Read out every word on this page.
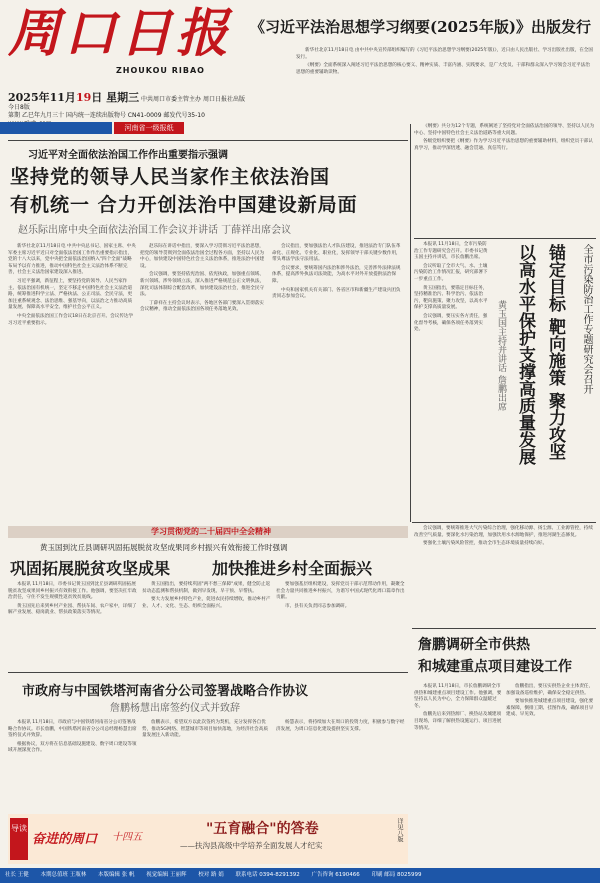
周口日报
ZHOUKOU RIBAO
《习近平法治思想学习纲要(2025年版)》出版发行

新华社北京11月18日电 由中共中央宣传部组织编写的《习近平法治思想学习纲要(2025年版)》，近日由人民出版社、学习出版社出版，在全国发行。

《纲要》全面系统深入阐述习近平法治思想的核心要义、精神实质、丰富内涵、实践要求，是广大党员、干部和群众深入学习领会习近平法治思想的重要辅助读物。

2025年11月19日 星期三 中共周口市委主管主办 周口日报社出版 今日8版
第期 乙巳年九月三十 国内统一连续出版物号 CN41-0009 邮发代号35-10
河南省一级报纸
习近平对全面依法治国工作作出重要指示强调
坚持党的领导人民当家作主依法治国
有机统一 合力开创法治中国建设新局面
赵乐际出席中央全面依法治国工作会议并讲话 丁薛祥出席会议

新华社北京11月18日电 中共中央总书记、国家主席、中央军委主席习近平近日对全面依法治国工作作出重要指示指出，党的十八大以来，党中央把全面依法治国纳入"四个全面"战略布局予以有力推进，推动中国特色社会主义法治体系不断完善，社会主义法治国家建设深入推进。

习近平强调，新征程上，要坚持党的领导、人民当家作主、依法治国有机统一，坚定不移走中国特色社会主义法治道路，统筹推进科学立法、严格执法、公正司法、全民守法，更加注重系统观念、法治思维、强基导向，以法治之力推动高质量发展、保障高水平安全、维护社会公平正义。

中央全面依法治国工作会议18日在北京召开。会议传达学习习近平重要指示。

赵乐际在讲话中指出，要深入学习贯彻习近平法治思想，把党的领导贯彻到全面依法治国全过程各方面，坚持以人民为中心，加快建设中国特色社会主义法治体系，推进法治中国建设。

会议强调，要坚持依宪治国、依宪执政，加强重点领域、新兴领域、涉外领域立法，深入推进严格规范公正文明执法，深化司法体制综合配套改革，加快建设法治社会，推进全民守法。

丁薛祥在主持会议时表示，各地区各部门要深入贯彻落实会议精神，推动全面依法治国各项任务落地见效。

会议指出，要加强法治人才队伍建设，推进法治专门队伍革命化、正规化、专业化、职业化，发挥领导干部关键少数作用，带头尊法学法守法用法。

会议要求，要统筹国内法治和涉外法治，完善涉外法律法规体系，提高涉外执法司法效能，为高水平对外开放提供法治保障。

中央和国家机关有关部门、各省区市和新疆生产建设兵团负责同志参加会议。

《纲要》共分为12个专题，系统阐述了坚持党对全面依法治国的领导、坚持以人民为中心、坚持中国特色社会主义法治道路等重大问题。

各级党组织要把《纲要》作为学习习近平法治思想的重要辅助材料，组织党员干部认真学习，推动学深悟透、融会贯通、真信笃行。

本报讯 11月18日，全市污染防治工作专题研究会召开。市委书记黄玉国主持并讲话，市长詹鹏出席。

会议听取了全市大气、水、土壤污染防治工作情况汇报，研究部署下一步重点工作。

黄玉国指出，要锚定目标任务，坚持精准治污、科学治污、依法治污，靶向施策、聚力攻坚，以高水平保护支撑高质量发展。

会议强调，要压实各方责任，强化督导考核，确保各项任务落到实处。	全市污染防治工作专题研究会召开
锚定目标 靶向施策 聚力攻坚
以高水平保护支撑高质量发展
黄玉国主持并讲话 詹鹏出席
学习贯彻党的二十届四中全会精神
黄玉国到沈丘县调研巩固拓展脱贫攻坚成果同乡村振兴有效衔接工作时强调
巩固拓展脱贫攻坚成果	加快推进乡村全面振兴

本报讯 11月18日，市委书记黄玉国到沈丘县调研巩固拓展脱贫攻坚成果同乡村振兴有效衔接工作。他强调，要坚决扛牢政治责任，守住不发生规模性返贫致贫底线。

黄玉国先后来到乡村产业园、帮扶车间、农户家中，详细了解产业发展、稳岗就业、帮扶政策落实等情况。

黄玉国指出，要持续巩固"两不愁三保障"成果，健全防止返贫动态监测和帮扶机制，做到早发现、早干预、早帮扶。

要大力发展乡村特色产业，促进农民持续增收，推动乡村产业、人才、文化、生态、组织全面振兴。

要加强基层组织建设，发挥党员干部示范带动作用，凝聚全社会力量共同推进乡村振兴，为谱写中国式现代化周口篇章作出贡献。

市、县有关负责同志参加调研。

市政府与中国铁塔河南省分公司签署战略合作协议
詹鹏杨慧出席签约仪式并致辞

本报讯 11月18日，市政府与中国铁塔河南省分公司签署战略合作协议。市长詹鹏，中国铁塔河南省分公司总经理杨慧出席签约仪式并致辞。

根据协议，双方将在信息基础设施建设、数字周口建设等领域开展深度合作。

詹鹏表示，希望双方以此次签约为契机，充分发挥各自优势，推动5G网络、智慧城市等项目加快落地，为经济社会高质量发展注入新动能。

杨慧表示，将持续加大在周口的投资力度，积极参与数字经济发展，为周口信息化建设提供坚实支撑。

会议强调，要统筹推进大气污染综合治理，强化移动源、扬尘源、工业源管控，持续改善空气质量。要深化水污染治理，加强饮用水水源地保护，推进河湖生态修复。

要强化土壤污染风险管控，推动全市生态环境质量持续向好。

詹鹏调研全市供热
和城建重点项目建设工作

本报讯 11月18日，市长詹鹏调研全市供热和城建重点项目建设工作。他强调，要坚持以人民为中心，全力保障群众温暖过冬。

詹鹏先后来到热源厂、换热站及城建项目现场，详细了解供热设施运行、项目进展等情况。

詹鹏指出，要压实供热企业主体责任，加强设备巡检维护，确保安全稳定供热。

要加快推进城建重点项目建设，强化要素保障，倒排工期、挂图作战，确保项目早建成、早见效。

导读
奋进的周口	十四五
"五育融合"的答卷
——扶沟县高级中学培养全面发展人才纪实
详见八版
社长 王健 本期总值班 王瓶林 本版编辑 张 帆 视觉编辑 王丽辉 校对 路 娟 联系电话 0394-8291392 广告咨询 6190466 印刷 邮局 8025999
